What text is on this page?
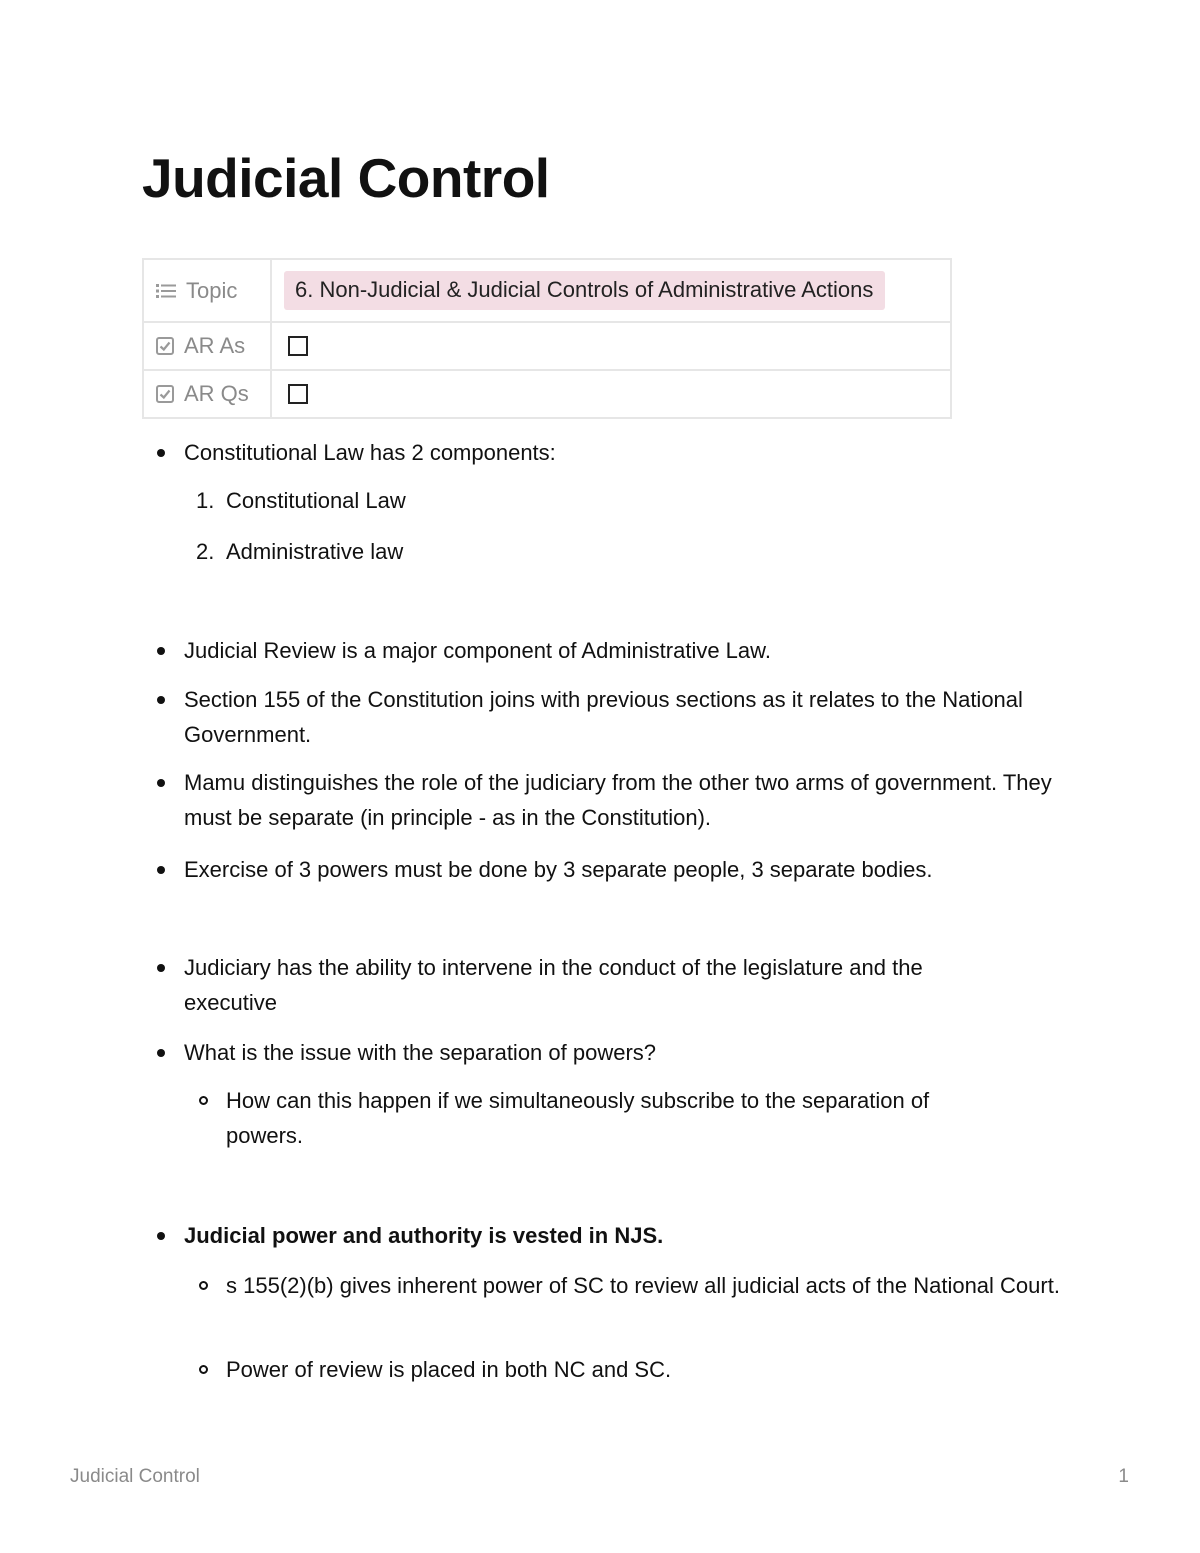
Judicial Control
Topic	6. Non-Judicial & Judicial Controls of Administrative Actions

AR As	

AR Qs	

Constitutional Law has 2 components:
1. Constitutional Law
2. Administrative law
Judicial Review is a major component of Administrative Law.
Section 155 of the Constitution joins with previous sections as it relates to the National Government.
Mamu distinguishes the role of the judiciary from the other two arms of government. They must be separate (in principle - as in the Constitution).
Exercise of 3 powers must be done by 3 separate people, 3 separate bodies.
Judiciary has the ability to intervene in the conduct of the legislature and the executive
What is the issue with the separation of powers?
How can this happen if we simultaneously subscribe to the separation of powers.
Judicial power and authority is vested in NJS.
s 155(2)(b) gives inherent power of SC to review all judicial acts of the National Court.
Power of review is placed in both NC and SC.
Judicial Control	1
